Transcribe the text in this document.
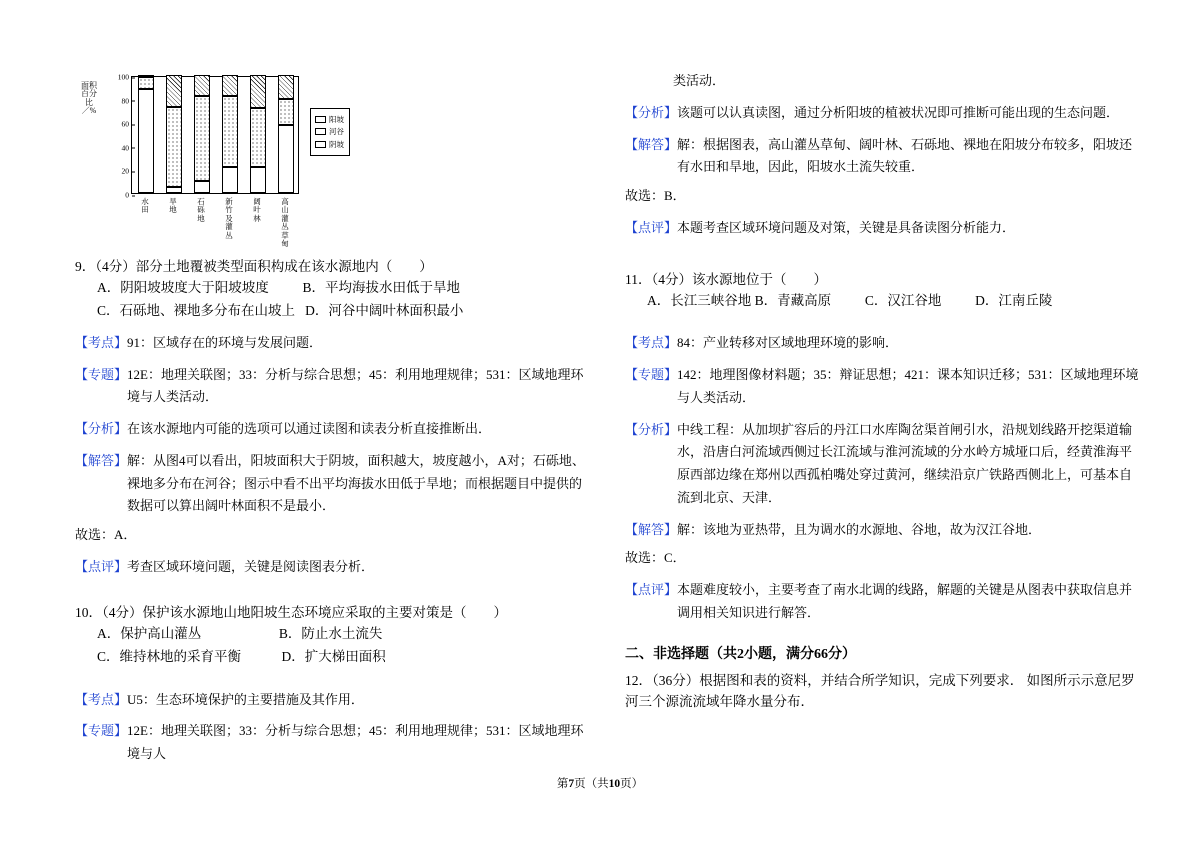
面积百分比／%
0
20
40
60
80
100
水田
旱地
石砾地
新竹及灌丛
阔叶林
高山灌丛草甸
阳坡
河谷
阴坡
9．（4分）部分土地覆被类型面积构成在该水源地内（　　）
A．阴阳坡坡度大于阳坡坡度          B．平均海拔水田低于旱地
C．石砾地、裸地多分布在山坡上   D．河谷中阔叶林面积最小
【考点】 91：区域存在的环境与发展问题．
【专题】 12E：地理关联图；33：分析与综合思想；45：利用地理规律；531：区域地理环境与人类活动．
【分析】 在该水源地内可能的选项可以通过读图和读表分析直接推断出．
【解答】 解：从图4可以看出，阳坡面积大于阴坡，面积越大，坡度越小，A对；石砾地、裸地多分布在河谷；图示中看不出平均海拔水田低于旱地；而根据题目中提供的数据可以算出阔叶林面积不是最小．
故选：A．
【点评】 考查区域环境问题，关键是阅读图表分析．
10．（4分）保护该水源地山地阳坡生态环境应采取的主要对策是（　　）
A．保护高山灌丛                       B．防止水土流失
C．维持林地的采育平衡            D．扩大梯田面积
【考点】 U5：生态环境保护的主要措施及其作用．
【专题】 12E：地理关联图；33：分析与综合思想；45：利用地理规律；531：区域地理环境与人
类活动．
【分析】 该题可以认真读图，通过分析阳坡的植被状况即可推断可能出现的生态问题．
【解答】 解：根据图表，高山灌丛草甸、阔叶林、石砾地、裸地在阳坡分布较多，阳坡还有水田和旱地，因此，阳坡水土流失较重．
故选：B．
【点评】 本题考查区域环境问题及对策，关键是具备读图分析能力．
11．（4分）该水源地位于（　　）
A．长江三峡谷地 B．青藏高原          C．汉江谷地          D．江南丘陵
【考点】 84：产业转移对区域地理环境的影响．
【专题】 142：地理图像材料题；35：辩证思想；421：课本知识迁移；531：区域地理环境与人类活动．
【分析】 中线工程：从加坝扩容后的丹江口水库陶岔渠首闸引水，沿规划线路开挖渠道输水，沿唐白河流域西侧过长江流域与淮河流域的分水岭方城垭口后，经黄淮海平原西部边缘在郑州以西孤柏嘴处穿过黄河，继续沿京广铁路西侧北上，可基本自流到北京、天津．
【解答】 解：该地为亚热带，且为调水的水源地、谷地，故为汉江谷地．
故选：C．
【点评】 本题难度较小，主要考查了南水北调的线路，解题的关键是从图表中获取信息并调用相关知识进行解答．
二、非选择题（共2小题，满分66分）
12．（36分）根据图和表的资料，并结合所学知识，完成下列要求． 如图所示示意尼罗河三个源流流域年降水量分布．
第7页（共10页）
